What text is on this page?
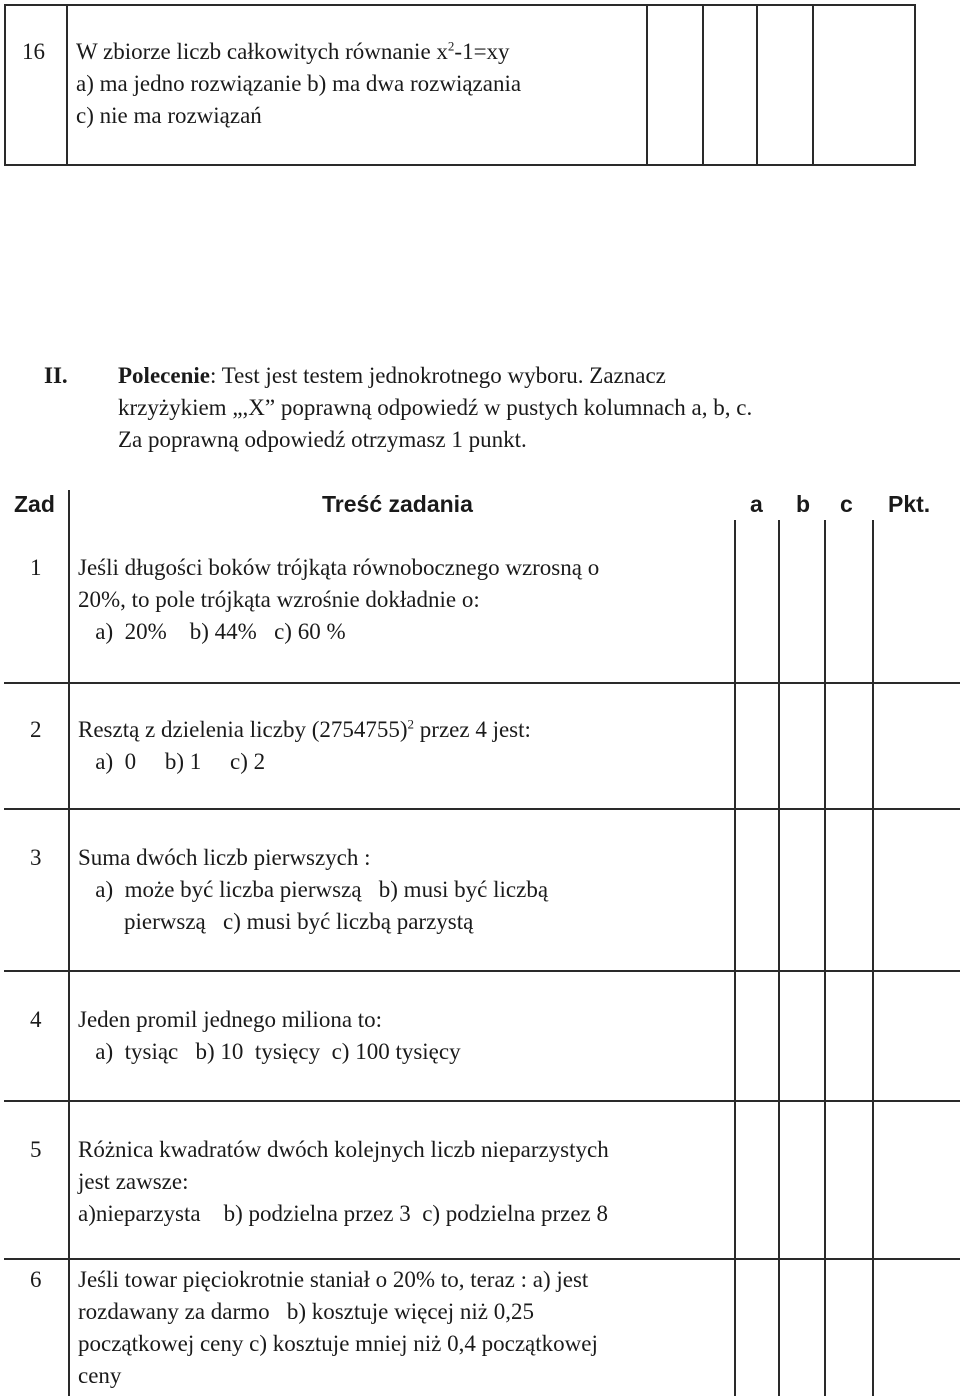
16 W zbiorze liczb całkowitych równanie $x^2-1=xy$
a) ma jedno rozwiązanie b) ma dwa rozwiązania
c) nie ma rozwiązań
II. Polecenie: Test jest testem jednokrotnego wyboru. Zaznacz
krzyżykiem „,X” poprawną odpowiedź w pustych kolumnach a, b, c.
Za poprawną odpowiedź otrzymasz 1 punkt.
Zad	Treść zadania	a b c Pkt.
1 Jeśli długości boków trójkąta równobocznego wzrosną o
20%, to pole trójkąta wzrośnie dokładnie o:
a)  20%    b) 44%   c) 60 %
2 Resztą z dzielenia liczby $(2754755)^2$ przez 4 jest:
a)  0     b) 1     c) 2
3 Suma dwóch liczb pierwszych :
a)  może być liczba pierwszą   b) musi być liczbą
pierwszą   c) musi być liczbą parzystą
4 Jeden promil jednego miliona to:
a)  tysiąc   b) 10  tysięcy  c) 100 tysięcy
5 Różnica kwadratów dwóch kolejnych liczb nieparzystych
jest zawsze:
a)nieparzysta    b) podzielna przez 3  c) podzielna przez 8
6 Jeśli towar pięciokrotnie staniał o 20% to, teraz : a) jest
rozdawany za darmo   b) kosztuje więcej niż 0,25
początkowej ceny c) kosztuje mniej niż 0,4 początkowej
ceny
